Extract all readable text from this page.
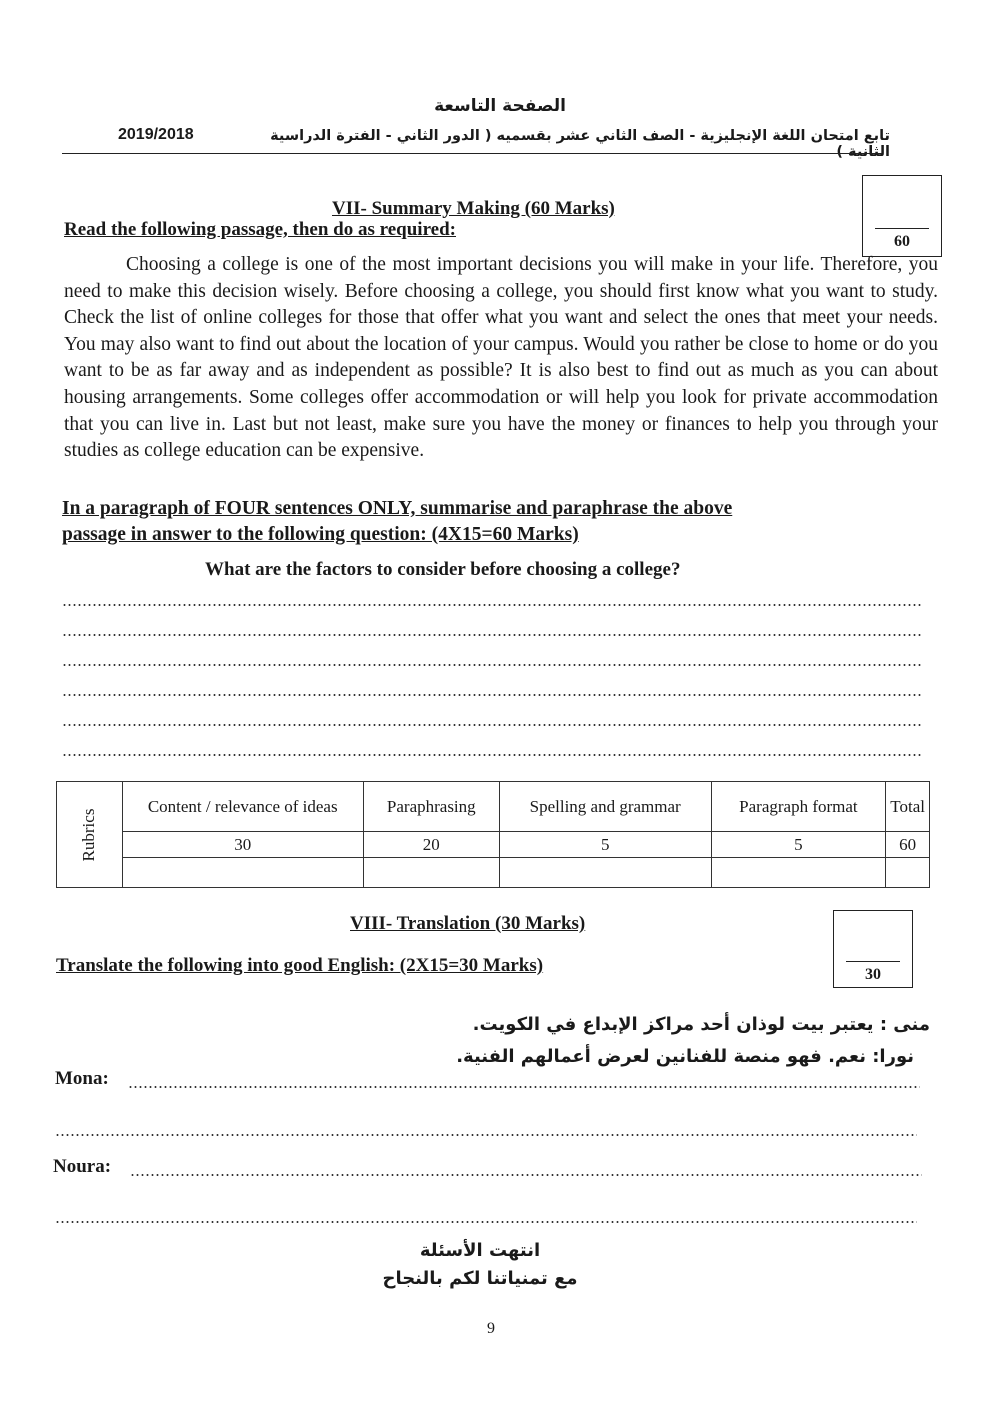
الصفحة التاسعة
تابع امتحان اللغة الإنجليزية - الصف الثاني عشر بقسميه ( الدور الثاني - الفترة الدراسية الثانية )
2019/2018
60
VII- Summary Making (60 Marks)
Read the following passage, then do as required:

Choosing a college is one of the most important decisions you will make in your life. Therefore, you need to make this decision wisely. Before choosing a college, you should first know what you want to study. Check the list of online colleges for those that offer what you want and select the ones that meet your needs. You may also want to find out about the location of your campus. Would you rather be close to home or do you want to be as far away and as independent as possible? It is also best to find out as much as you can about housing arrangements. Some colleges offer accommodation or will help you look for private accommodation that you can live in. Last but not least, make sure you have the money or finances to help you through your studies as college education can be expensive.

In a paragraph of FOUR sentences ONLY, summarise and paraphrase the above
passage in answer to the following question: (4X15=60 Marks)
What are the factors to consider before choosing a college?
Rubrics	Content / relevance of ideas	Paraphrasing	Spelling and grammar	Paragraph format	Total
	30	20	5	5	60

VIII- Translation (30 Marks)
Translate the following into good English: (2X15=30 Marks)	30
منى : يعتبر بيت لوذان أحد مراكز الإبداع في الكويت.
نورا: نعم. فهو منصة للفنانين لعرض أعمالهم الفنية.
Mona:
Noura:
انتهت الأسئلة
مع تمنياتنا لكم بالنجاح
9
